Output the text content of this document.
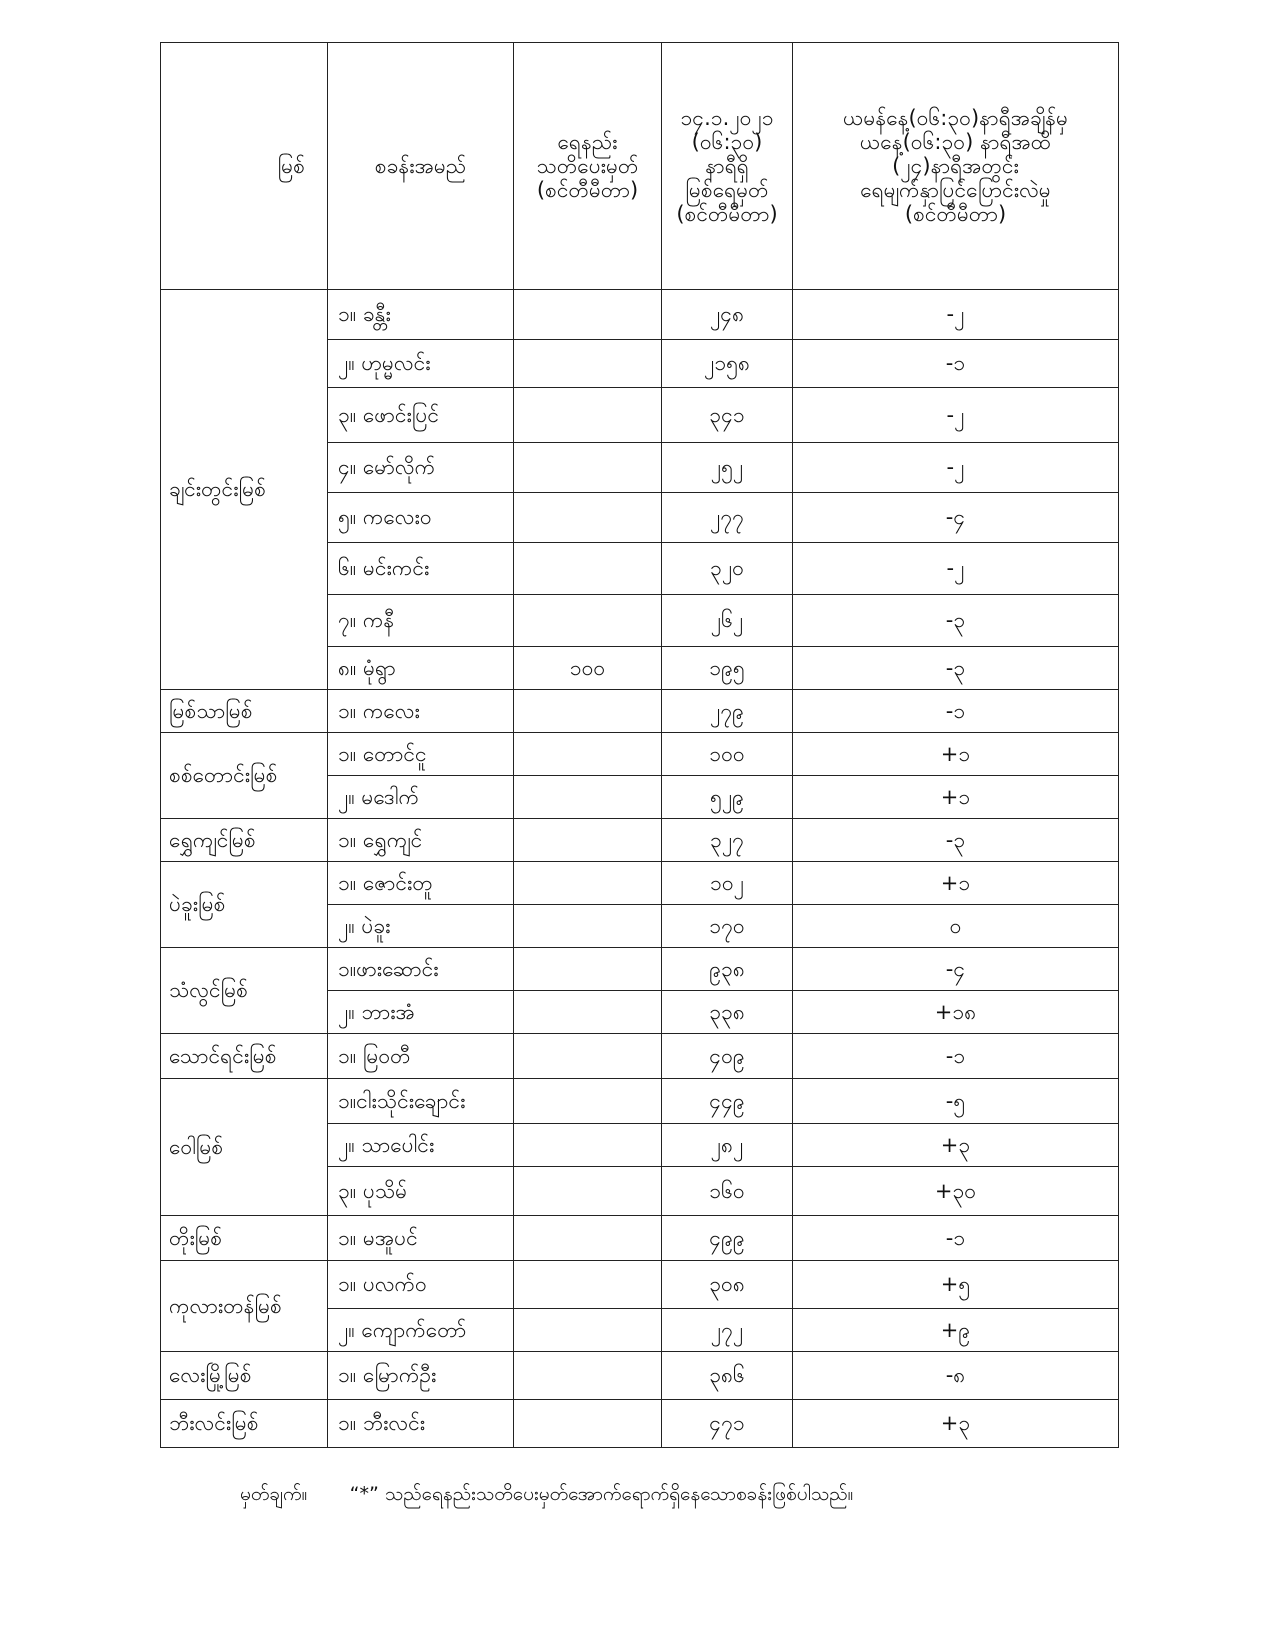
မြစ်	စခန်းအမည်	ရေနည်း
သတိပေးမှတ်
(စင်တီမီတာ)	၁၄.၁.၂၀၂၁
(၀၆:၃၀)
နာရီရှိ
မြစ်ရေမှတ်
(စင်တီမီတာ)	ယမန်နေ့(၀၆:၃၀)နာရီအချိန်မှ
ယနေ့(၀၆:၃၀) နာရီအထိ
(၂၄)နာရီအတွင်း
ရေမျက်နှာပြင်ပြောင်းလဲမှု
(စင်တီမီတာ)
ချင်းတွင်းမြစ်	၁။ ခန္တီး		၂၄၈	-၂
	၂။ ဟုမ္မလင်း		၂၁၅၈	-၁
	၃။ ဖောင်းပြင်		၃၄၁	-၂
	၄။ မော်လိုက်		၂၅၂	-၂
	၅။ ကလေးဝ		၂၇၇	-၄
	၆။ မင်းကင်း		၃၂၀	-၂
	၇။ ကနီ		၂၆၂	-၃
	၈။ မုံရွာ	၁၀၀	၁၉၅	-၃
မြစ်သာမြစ်	၁။ ကလေး		၂၇၉	-၁
စစ်တောင်းမြစ်	၁။ တောင်ငူ		၁၀၀	+၁
	၂။ မဒေါက်		၅၂၉	+၁
ရွှေကျင်မြစ်	၁။ ရွှေကျင်		၃၂၇	-၃
ပဲခူးမြစ်	၁။ ဇောင်းတူ		၁၀၂	+၁
	၂။ ပဲခူး		၁၇၀	၀
သံလွင်မြစ်	၁။ဖားဆောင်း		၉၃၈	-၄
	၂။ ဘားအံ		၃၃၈	+၁၈
သောင်ရင်းမြစ်	၁။ မြဝတီ		၄၀၉	-၁
ဝေါမြစ်	၁။ငါးသိုင်းချောင်း		၄၄၉	-၅
	၂။ သာပေါင်း		၂၈၂	+၃
	၃။ ပုသိမ်		၁၆၀	+၃၀
တိုးမြစ်	၁။ မအူပင်		၄၉၉	-၁
ကုလားတန်မြစ်	၁။ ပလက်ဝ		၃၀၈	+၅
	၂။ ကျောက်တော်		၂၇၂	+၉
လေးမြို့မြစ်	၁။ မြောက်ဦး		၃၈၆	-၈
ဘီးလင်းမြစ်	၁။ ဘီးလင်း		၄၇၁	+၃
မှတ်ချက်။       “*” သည်ရေနည်းသတိပေးမှတ်အောက်ရောက်ရှိနေသောစခန်းဖြစ်ပါသည်။
